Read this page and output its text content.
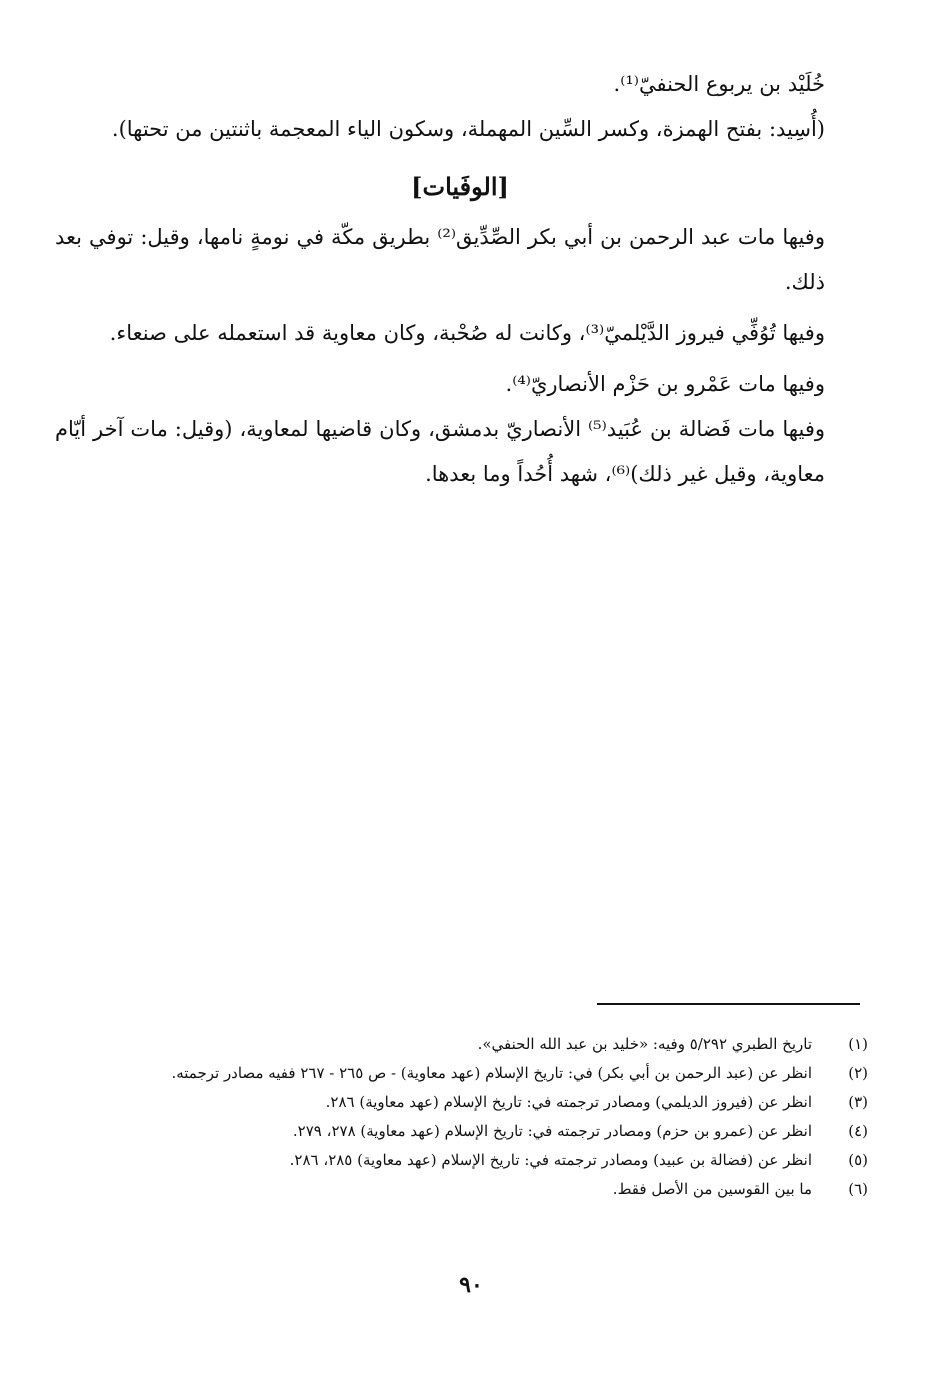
خُلَيْد بن يربوع الحنفيّ⁽¹⁾.

(أُسِيد: بفتح الهمزة، وكسر السِّين المهملة، وسكون الياء المعجمة باثنتين من تحتها).

[الوفَيات]

وفيها مات عبد الرحمن بن أبي بكر الصِّدِّيق⁽²⁾ بطريق مكّة في نومةٍ نامها، وقيل: توفي بعد ذلك.

وفيها تُوُفِّي فيروز الدَّيْلميّ⁽³⁾، وكانت له صُحْبة، وكان معاوية قد استعمله على صنعاء.

وفيها مات عَمْرو بن حَزْم الأنصاريّ⁽⁴⁾.

وفيها مات فَضالة بن عُبَيد⁽⁵⁾ الأنصاريّ بدمشق، وكان قاضيها لمعاوية، (وقيل: مات آخر أيّام معاوية، وقيل غير ذلك)⁽⁶⁾، شهد أُحُداً وما بعدها.

(١)
تاريخ الطبري ٥/٢٩٢ وفيه: «خليد بن عبد الله الحنفي».
(٢)
انظر عن (عبد الرحمن بن أبي بكر) في: تاريخ الإسلام (عهد معاوية) - ص ٢٦٥ - ٢٦٧ ففيه مصادر ترجمته.
(٣)
انظر عن (فيروز الديلمي) ومصادر ترجمته في: تاريخ الإسلام (عهد معاوية) ٢٨٦.
(٤)
انظر عن (عمرو بن حزم) ومصادر ترجمته في: تاريخ الإسلام (عهد معاوية) ٢٧٨، ٢٧٩.
(٥)
انظر عن (فضالة بن عبيد) ومصادر ترجمته في: تاريخ الإسلام (عهد معاوية) ٢٨٥، ٢٨٦.
(٦)
ما بين القوسين من الأصل فقط.
٩٠
